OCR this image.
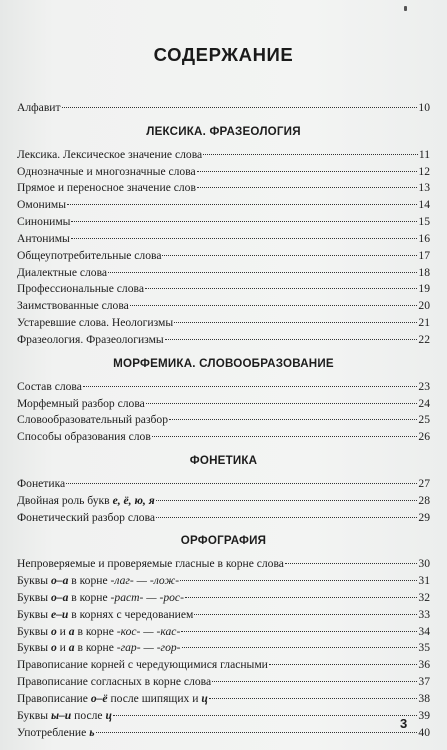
СОДЕРЖАНИЕ
Алфавит	10
ЛЕКСИКА. ФРАЗЕОЛОГИЯ
Лексика. Лексическое значение слова	11
Однозначные и многозначные слова	12
Прямое и переносное значение слов	13
Омонимы	14
Синонимы	15
Антонимы	16
Общеупотребительные слова	17
Диалектные слова	18
Профессиональные слова	19
Заимствованные слова	20
Устаревшие слова. Неологизмы	21
Фразеология. Фразеологизмы	22
МОРФЕМИКА. СЛОВООБРАЗОВАНИЕ
Состав слова	23
Морфемный разбор слова	24
Словообразовательный разбор	25
Способы образования слов	26
ФОНЕТИКА
Фонетика	27
Двойная роль букв е, ё, ю, я	28
Фонетический разбор слова	29
ОРФОГРАФИЯ
Непроверяемые и проверяемые гласные в корне слова	30
Буквы о–а в корне -лаг- — -лож-	31
Буквы о–а в корне -раст- — -рос-	32
Буквы е–и в корнях с чередованием	33
Буквы о и а в корне -кос- — -кас-	34
Буквы о и а в корне -гар- — -гор-	35
Правописание корней с чередующимися гласными	36
Правописание согласных в корне слова	37
Правописание о–ё после шипящих и ц	38
Буквы ы–и после ц	39
Употребление ь	40
3
